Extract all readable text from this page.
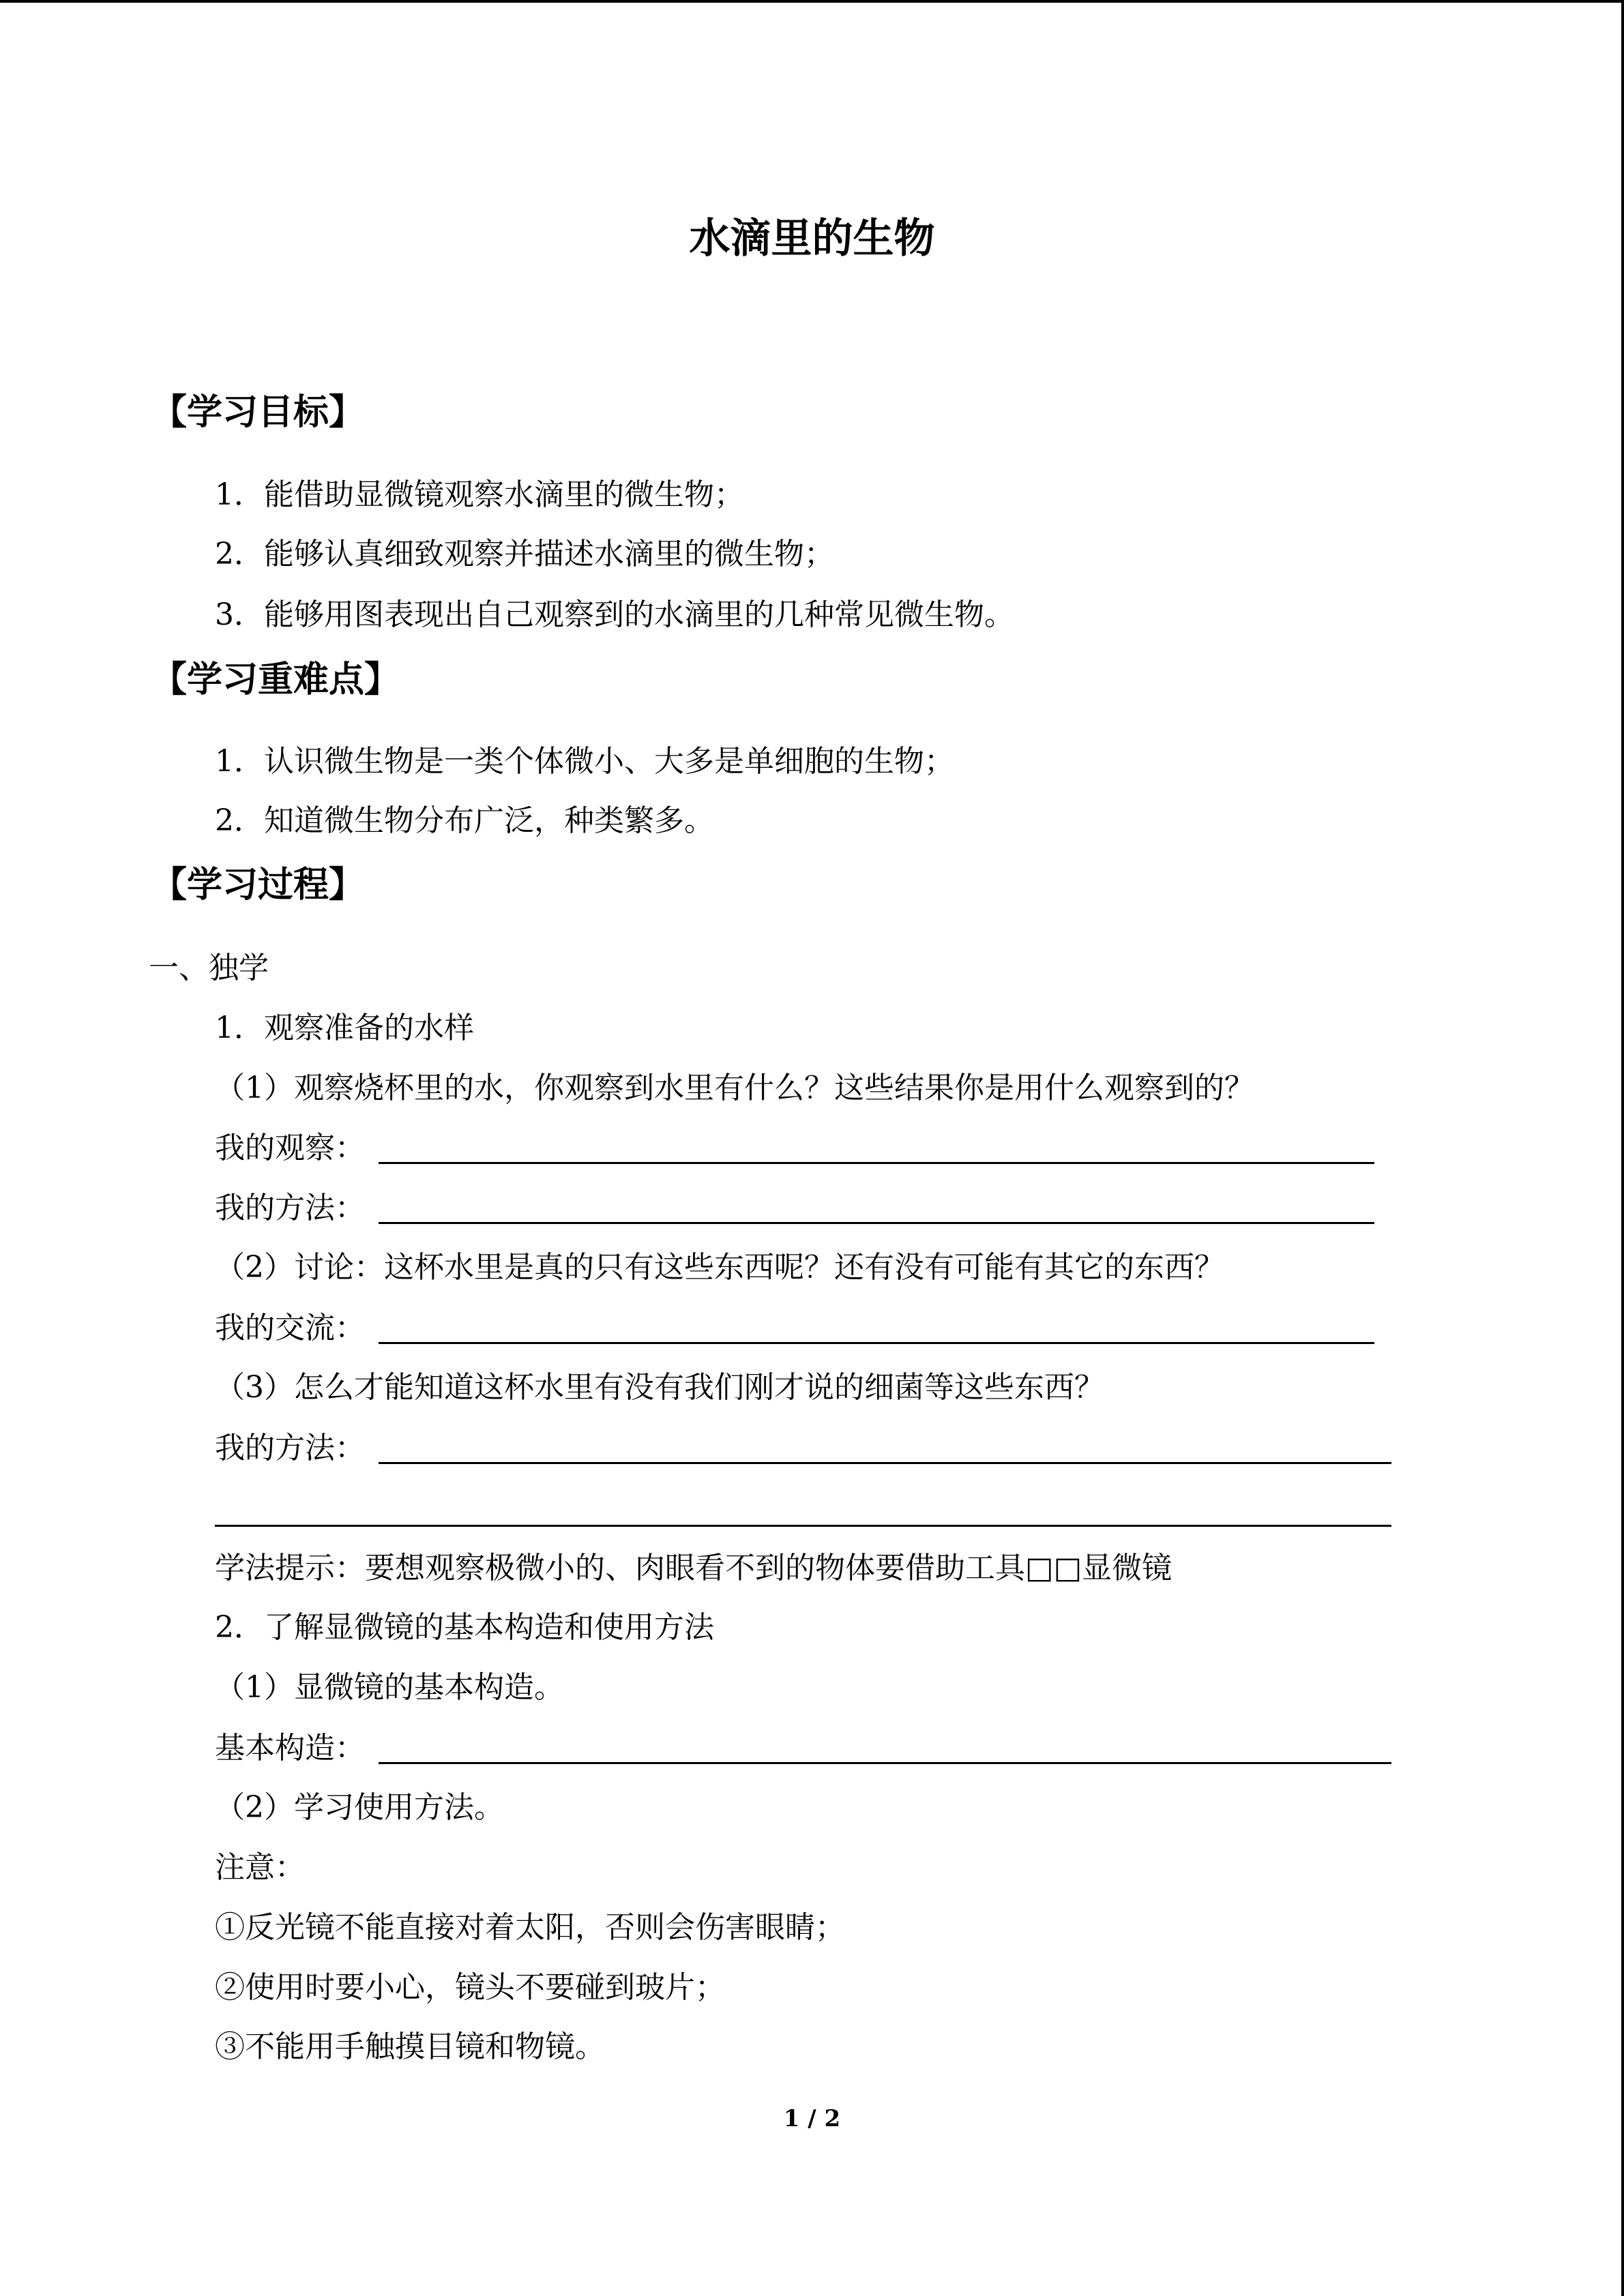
水滴里的生物
【学习目标】
1．能借助显微镜观察水滴里的微生物；
2．能够认真细致观察并描述水滴里的微生物；
3．能够用图表现出自己观察到的水滴里的几种常见微生物。
【学习重难点】
1．认识微生物是一类个体微小、大多是单细胞的生物；
2．知道微生物分布广泛，种类繁多。
【学习过程】
一、独学
1．观察准备的水样
（1）观察烧杯里的水，你观察到水里有什么？这些结果你是用什么观察到的？
我的观察：
我的方法：
（2）讨论：这杯水里是真的只有这些东西呢？还有没有可能有其它的东西？
我的交流：
（3）怎么才能知道这杯水里有没有我们刚才说的细菌等这些东西？
我的方法：
学法提示：要想观察极微小的、肉眼看不到的物体要借助工具□□显微镜
2．了解显微镜的基本构造和使用方法
（1）显微镜的基本构造。
基本构造：
（2）学习使用方法。
注意：
①反光镜不能直接对着太阳，否则会伤害眼睛；
②使用时要小心，镜头不要碰到玻片；
③不能用手触摸目镜和物镜。
1 / 2
